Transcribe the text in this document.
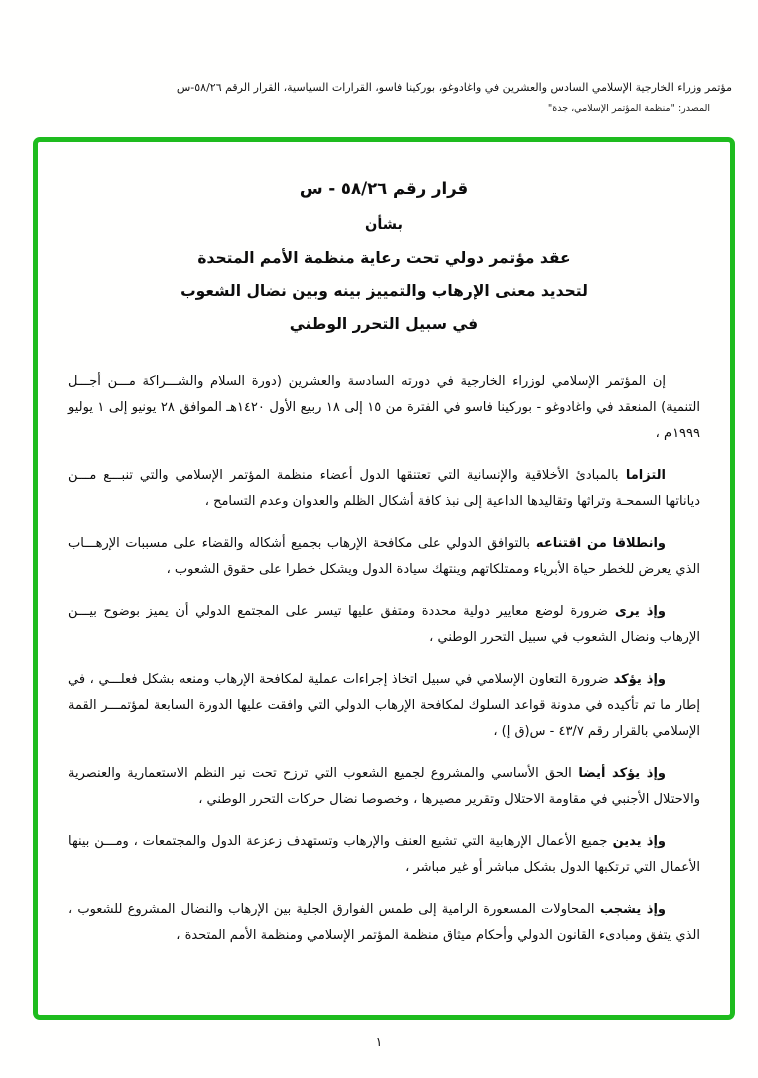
مؤتمر وزراء الخارجية الإسلامي السادس والعشرين في واغادوغو، بوركينا فاسو، القرارات السياسية، القرار الرقم ٥٨/٢٦-س
المصدر: "منظمة المؤتمر الإسلامي، جدة"
قرار رقم ٥٨/٢٦ - س
بشأن
عقد مؤتمر دولي تحت رعاية منظمة الأمم المتحدة
لتحديد معنى الإرهاب والتمييز بينه وبين نضال الشعوب
في سبيل التحرر الوطني

إن المؤتمر الإسلامي لوزراء الخارجية في دورته السادسة والعشرين (دورة السلام والشـــراكة مـــن أجـــل التنمية) المنعقد في واغادوغو - بوركينا فاسو في الفترة من ١٥ إلى ١٨ ربيع الأول ١٤٢٠هـ الموافق ٢٨ يونيو إلى ١ يوليو ١٩٩٩م ،

التزاما بالمبادئ الأخلاقية والإنسانية التي تعتنقها الدول أعضاء منظمة المؤتمر الإسلامي والتي تنبـــع مـــن دياناتها السمحـة وتراثها وتقاليدها الداعية إلى نبذ كافة أشكال الظلم والعدوان وعدم التسامح ،

وانطلاقا من اقتناعه بالتوافق الدولي على مكافحة الإرهاب بجميع أشكاله والقضاء على مسببات الإرهـــاب الذي يعرض للخطر حياة الأبرياء وممتلكاتهم وينتهك سيادة الدول ويشكل خطرا على حقوق الشعوب ،

وإذ يرى ضرورة لوضع معايير دولية محددة ومتفق عليها تيسر على المجتمع الدولي أن يميز بوضوح بيـــن الإرهاب ونضال الشعوب في سبيل التحرر الوطني ،

وإذ يؤكد ضرورة التعاون الإسلامي في سبيل اتخاذ إجراءات عملية لمكافحة الإرهاب ومنعه بشكل فعلـــي ، في إطار ما تم تأكيده في مدونة قواعد السلوك لمكافحة الإرهاب الدولي التي وافقت عليها الدورة السابعة لمؤتمـــر القمة الإسلامي بالقرار رقم ٤٣/٧ - س(ق إ) ،

وإذ يؤكد أيضا الحق الأساسي والمشروع لجميع الشعوب التي ترزح تحت نير النظم الاستعمارية والعنصرية والاحتلال الأجنبي في مقاومة الاحتلال وتقرير مصيرها ، وخصوصا نضال حركات التحرر الوطني ،

وإذ يدين جميع الأعمال الإرهابية التي تشيع العنف والإرهاب وتستهدف زعزعة الدول والمجتمعات ، ومـــن بينها الأعمال التي ترتكبها الدول بشكل مباشر أو غير مباشر ،

وإذ يشجب المحاولات المسعورة الرامية إلى طمس الفوارق الجلية بين الإرهاب والنضال المشروع للشعوب ، الذي يتفق ومبادىء القانون الدولي وأحكام ميثاق منظمة المؤتمر الإسلامي ومنظمة الأمم المتحدة ،

١
